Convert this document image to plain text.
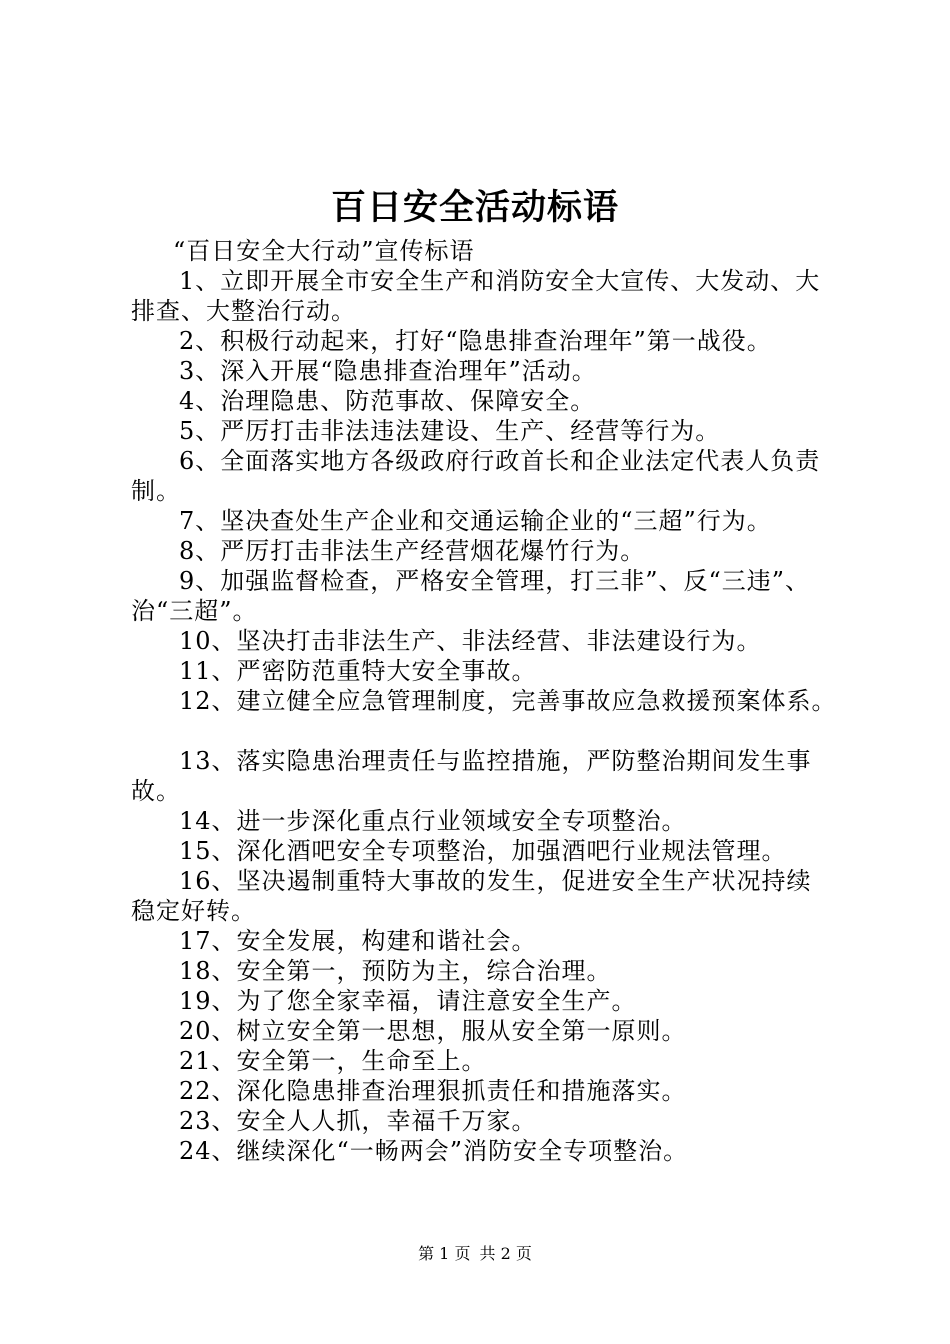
百日安全活动标语

“百日安全大行动”宣传标语

1、立即开展全市安全生产和消防安全大宣传、大发动、大

排查、大整治行动。

2、积极行动起来，打好“隐患排查治理年”第一战役。

3、深入开展“隐患排查治理年”活动。

4、治理隐患、防范事故、保障安全。

5、严厉打击非法违法建设、生产、经营等行为。

6、全面落实地方各级政府行政首长和企业法定代表人负责

制。

7、坚决查处生产企业和交通运输企业的“三超”行为。

8、严厉打击非法生产经营烟花爆竹行为。

9、加强监督检查，严格安全管理，打三非”、反“三违”、

治“三超”。

10、坚决打击非法生产、非法经营、非法建设行为。

11、严密防范重特大安全事故。

12、建立健全应急管理制度，完善事故应急救援预案体系。

13、落实隐患治理责任与监控措施，严防整治期间发生事

故。

14、进一步深化重点行业领域安全专项整治。

15、深化酒吧安全专项整治，加强酒吧行业规法管理。

16、坚决遏制重特大事故的发生，促进安全生产状况持续

稳定好转。

17、安全发展，构建和谐社会。

18、安全第一，预防为主，综合治理。

19、为了您全家幸福，请注意安全生产。

20、树立安全第一思想，服从安全第一原则。

21、安全第一，生命至上。

22、深化隐患排查治理狠抓责任和措施落实。

23、安全人人抓，幸福千万家。

24、继续深化“一畅两会”消防安全专项整治。

第 1 页 共 2 页
